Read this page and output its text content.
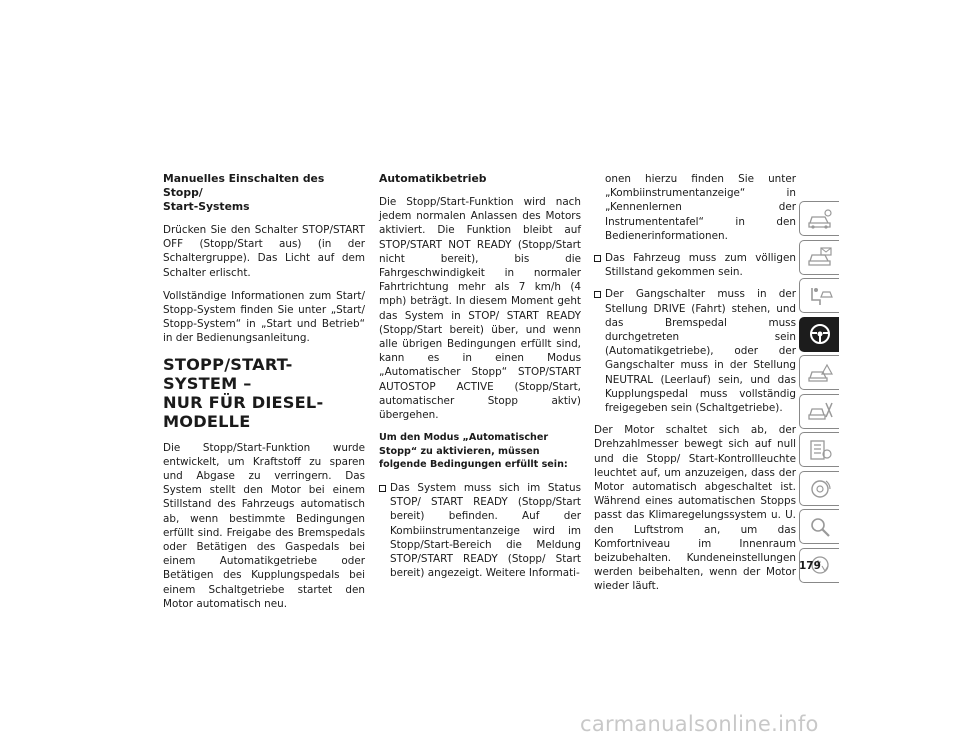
Manuelles Einschalten des Stopp/
Start-Systems

Drücken Sie den Schalter STOP/START OFF (Stopp/Start aus) (in der Schaltergruppe). Das Licht auf dem Schalter erlischt.

Vollständige Informationen zum Start/ Stopp-System finden Sie unter „Start/ Stopp-System“ in „Start und Betrieb“ in der Bedienungsanleitung.

STOPP/START-SYSTEM –
NUR FÜR DIESEL-MODELLE

Die Stopp/Start-Funktion wurde entwickelt, um Kraftstoff zu sparen und Abgase zu verringern. Das System stellt den Motor bei einem Stillstand des Fahrzeugs automatisch ab, wenn bestimmte Bedingungen erfüllt sind. Freigabe des Bremspedals oder Betätigen des Gaspedals bei einem Automatikgetriebe oder Betätigen des Kupplungspedals bei einem Schaltgetriebe startet den Motor automatisch neu.

Automatikbetrieb

Die Stopp/Start-Funktion wird nach jedem normalen Anlassen des Motors aktiviert. Die Funktion bleibt auf STOP/START NOT READY (Stopp/Start nicht bereit), bis die Fahrgeschwindigkeit in normaler Fahrtrichtung mehr als 7 km/h (4 mph) beträgt. In diesem Moment geht das System in STOP/ START READY (Stopp/Start bereit) über, und wenn alle übrigen Bedingungen erfüllt sind, kann es in einen Modus „Automatischer Stopp“ STOP/START AUTOSTOP ACTIVE (Stopp/Start, automatischer Stopp aktiv) übergehen.

Um den Modus „Automatischer Stopp“ zu aktivieren, müssen folgende Bedingungen erfüllt sein:

Das System muss sich im Status STOP/ START READY (Stopp/Start bereit) befinden. Auf der Kombiinstrumentanzeige wird im Stopp/Start-Bereich die Meldung STOP/START READY (Stopp/ Start bereit) angezeigt. Weitere Informati-
onen hierzu finden Sie unter „Kombiinstrumentanzeige“ in „Kennenlernen der Instrumententafel“ in den Bedienerinformationen.
Das Fahrzeug muss zum völligen Stillstand gekommen sein.
Der Gangschalter muss in der Stellung DRIVE (Fahrt) stehen, und das Bremspedal muss durchgetreten sein (Automatikgetriebe), oder der Gangschalter muss in der Stellung NEUTRAL (Leerlauf) sein, und das Kupplungspedal muss vollständig freigegeben sein (Schaltgetriebe).

Der Motor schaltet sich ab, der Drehzahlmesser bewegt sich auf null und die Stopp/ Start-Kontrollleuchte leuchtet auf, um anzuzeigen, dass der Motor automatisch abgeschaltet ist. Während eines automatischen Stopps passt das Klimaregelungssystem u. U. den Luftstrom an, um das Komfortniveau im Innenraum beizubehalten. Kundeneinstellungen werden beibehalten, wenn der Motor wieder läuft.

179
carmanualsonline.info
